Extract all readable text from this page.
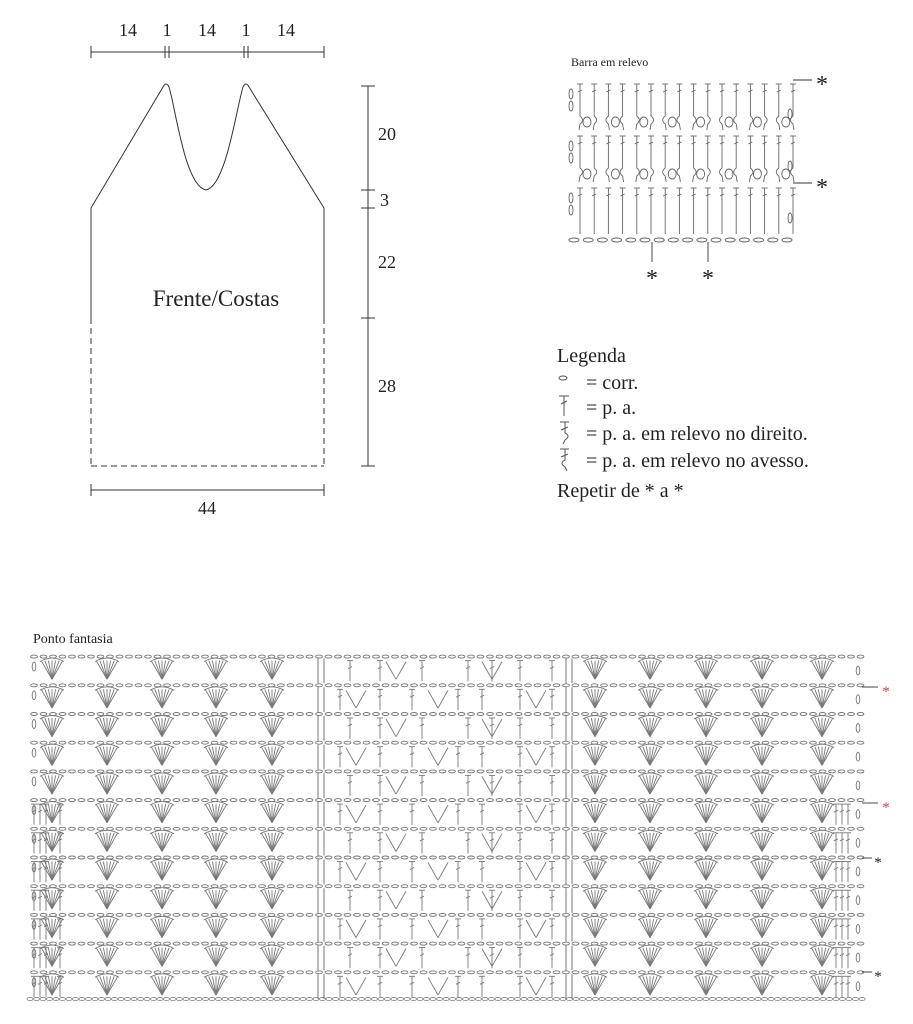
14 1 14 1 14
20
3
22
28
44
Frente/Costas
Barra em relevo
*
*
* *
Legenda
= corr.
= p. a.
= p. a. em relevo no direito.
= p. a. em relevo no avesso.
Repetir de * a *
Ponto fantasia
*
*
*
*
